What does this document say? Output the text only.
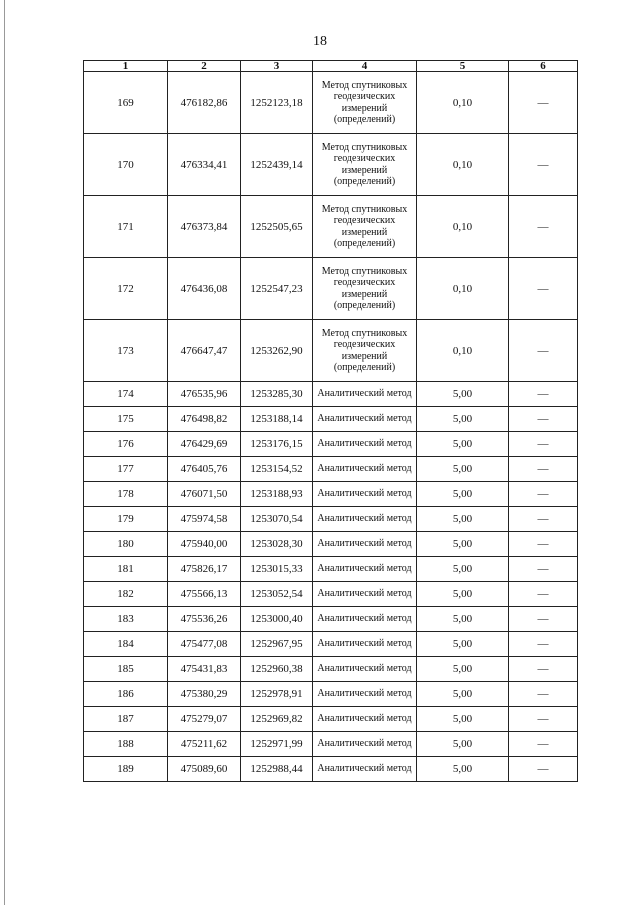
18
1	2	3	4	5	6
169	476182,86	1252123,18	Метод спутниковых геодезических измерений (определений)	0,10	—
170	476334,41	1252439,14	Метод спутниковых геодезических измерений (определений)	0,10	—
171	476373,84	1252505,65	Метод спутниковых геодезических измерений (определений)	0,10	—
172	476436,08	1252547,23	Метод спутниковых геодезических измерений (определений)	0,10	—
173	476647,47	1253262,90	Метод спутниковых геодезических измерений (определений)	0,10	—
174	476535,96	1253285,30	Аналитический метод	5,00	—
175	476498,82	1253188,14	Аналитический метод	5,00	—
176	476429,69	1253176,15	Аналитический метод	5,00	—
177	476405,76	1253154,52	Аналитический метод	5,00	—
178	476071,50	1253188,93	Аналитический метод	5,00	—
179	475974,58	1253070,54	Аналитический метод	5,00	—
180	475940,00	1253028,30	Аналитический метод	5,00	—
181	475826,17	1253015,33	Аналитический метод	5,00	—
182	475566,13	1253052,54	Аналитический метод	5,00	—
183	475536,26	1253000,40	Аналитический метод	5,00	—
184	475477,08	1252967,95	Аналитический метод	5,00	—
185	475431,83	1252960,38	Аналитический метод	5,00	—
186	475380,29	1252978,91	Аналитический метод	5,00	—
187	475279,07	1252969,82	Аналитический метод	5,00	—
188	475211,62	1252971,99	Аналитический метод	5,00	—
189	475089,60	1252988,44	Аналитический метод	5,00	—
